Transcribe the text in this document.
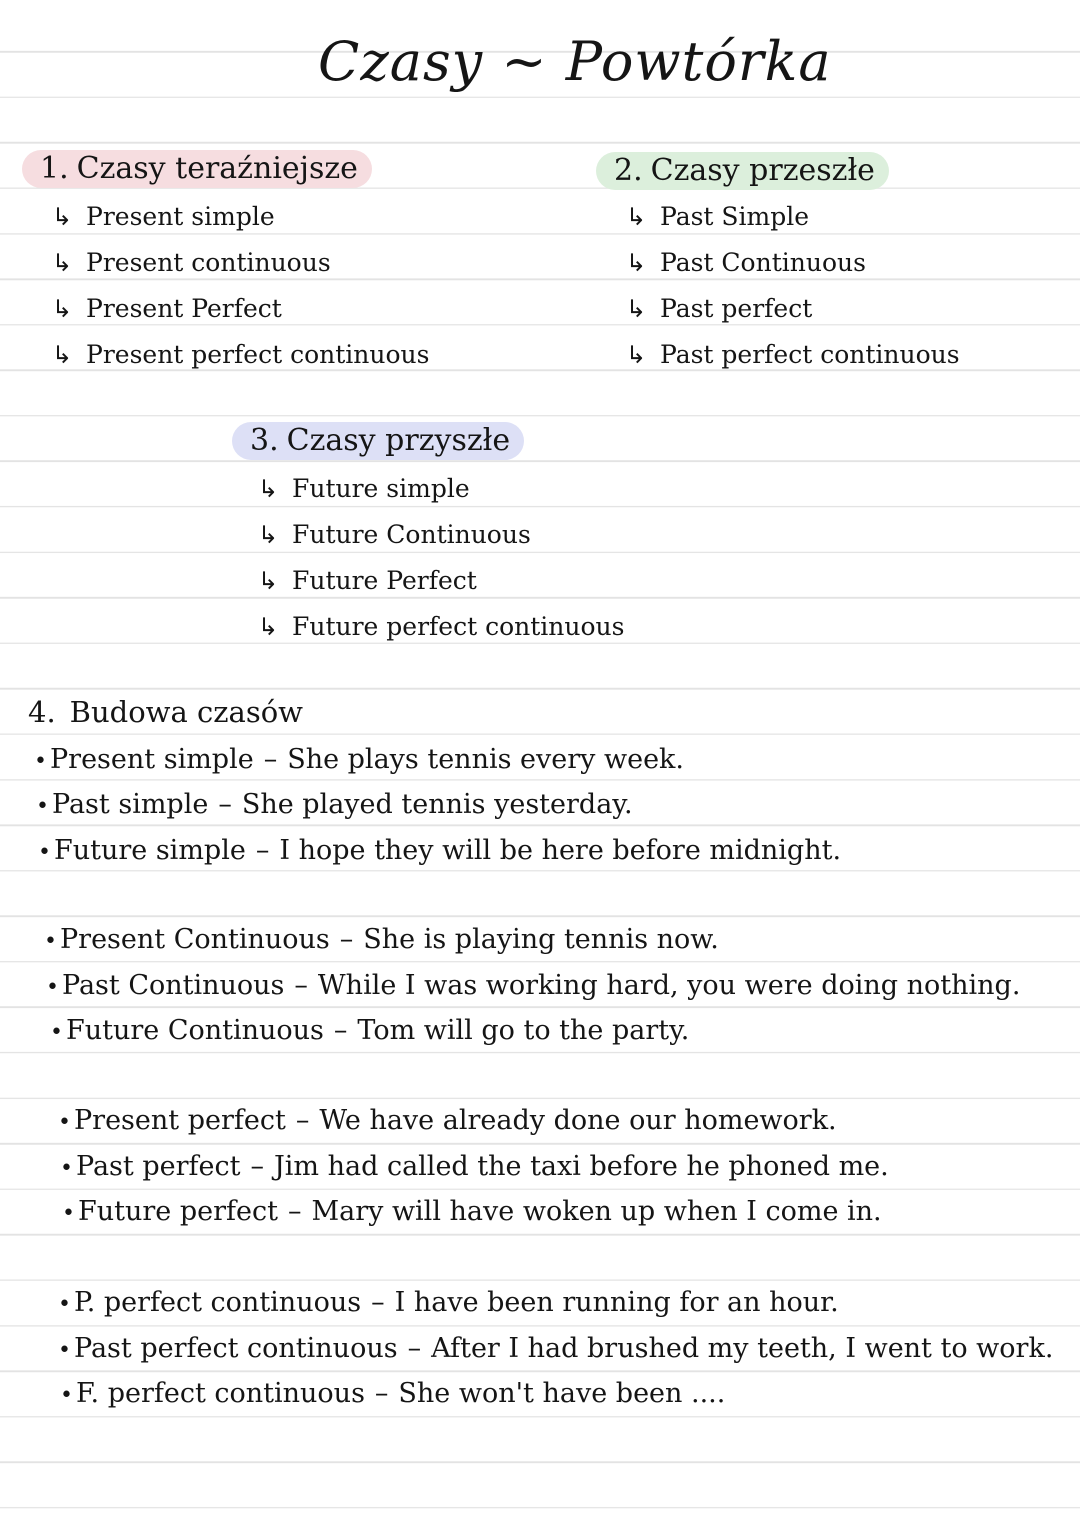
Czasy ~ Powtórka
1. Czasy teraźniejsze
↳ Present simple
↳ Present continuous
↳ Present Perfect
↳ Present perfect continuous
2. Czasy przeszłe
↳ Past Simple
↳ Past Continuous
↳ Past perfect
↳ Past perfect continuous
3. Czasy przyszłe
↳ Future simple
↳ Future Continuous
↳ Future Perfect
↳ Future perfect continuous
4. Budowa czasów
• Present simple – She plays tennis every week.
• Past simple – She played tennis yesterday.
• Future simple – I hope they will be here before midnight.
• Present Continuous – She is playing tennis now.
• Past Continuous – While I was working hard, you were doing nothing.
• Future Continuous – Tom will go to the party.
• Present perfect – We have already done our homework.
• Past perfect – Jim had called the taxi before he phoned me.
• Future perfect – Mary will have woken up when I come in.
• P. perfect continuous – I have been running for an hour.
• Past perfect continuous – After I had brushed my teeth, I went to work.
• F. perfect continuous – She won't have been ....
